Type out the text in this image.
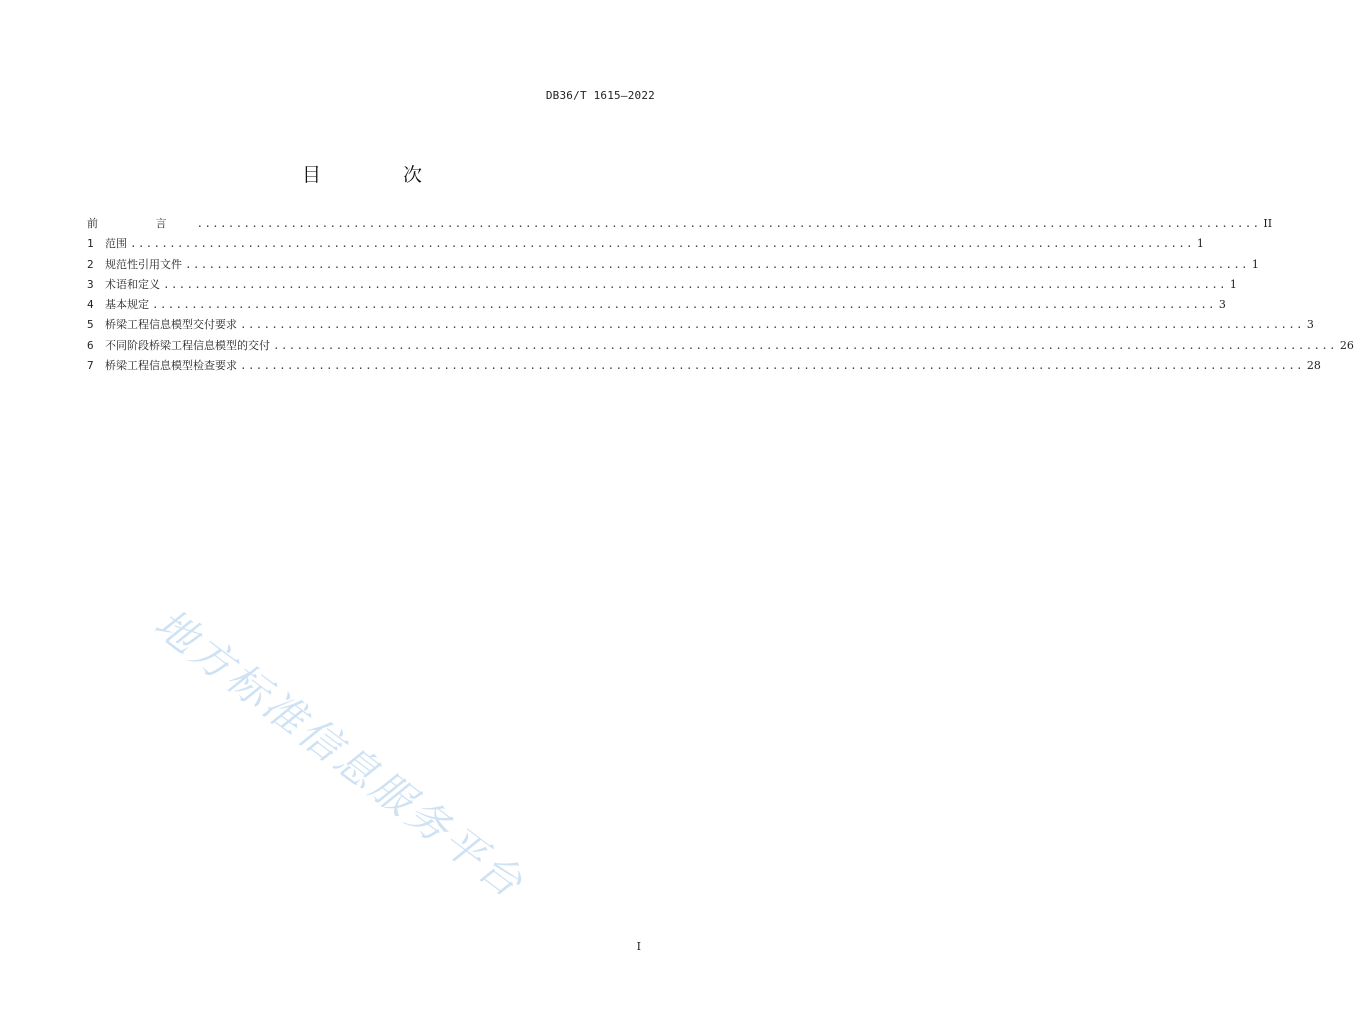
DB36/T 1615—2022
目 次
前 言 ........................................................................................................................................ II
1	范围 ........................................................................................................................................ 1
2	规范性引用文件 ........................................................................................................................................ 1
3	术语和定义 ........................................................................................................................................ 1
4	基本规定 ........................................................................................................................................ 3
5	桥梁工程信息模型交付要求 ........................................................................................................................................ 3
6	不同阶段桥梁工程信息模型的交付 ........................................................................................................................................ 26
7	桥梁工程信息模型检查要求 ........................................................................................................................................ 28
地方标准信息服务平台
I
